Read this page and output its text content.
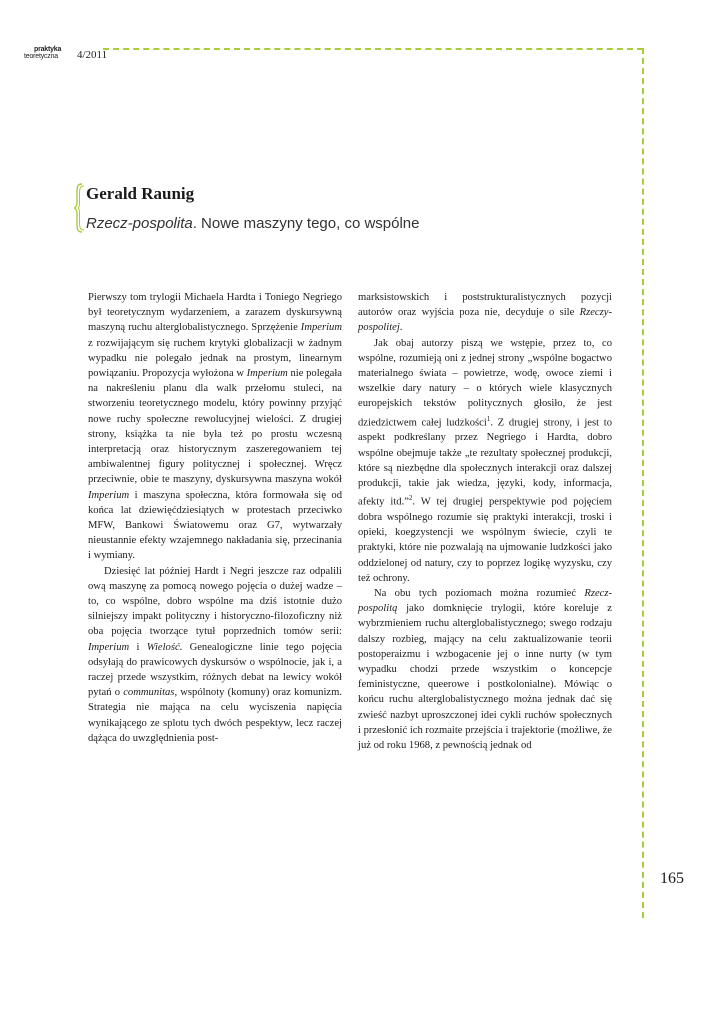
praktyka
teoretyczna 4/2011
Gerald Raunig
Rzecz-pospolita. Nowe maszyny tego, co wspólne

Pierwszy tom trylogii Michaela Hardta i Toniego Negriego był teoretycznym wydarzeniem, a zarazem dyskursywną maszyną ruchu alterglobalistycznego. Sprzężenie Imperium z rozwijającym się ruchem krytyki globalizacji w żadnym wypadku nie polegało jednak na prostym, linearnym powiązaniu. Propozycja wyłożona w Imperium nie polegała na nakreśleniu planu dla walk przełomu stuleci, na stworzeniu teoretycznego modelu, który powinny przyjąć nowe ruchy społeczne rewolucyjnej wielości. Z drugiej strony, książka ta nie była też po prostu wczesną interpretacją oraz historycznym zaszeregowaniem tej ambiwalentnej figury politycznej i społecznej. Wręcz przeciwnie, obie te maszyny, dyskursywna maszyna wokół Imperium i maszyna społeczna, która formowała się od końca lat dziewięćdziesiątych w protestach przeciwko MFW, Bankowi Światowemu oraz G7, wytwarzały nieustannie efekty wzajemnego nakładania się, przecinania i wymiany.

Dziesięć lat później Hardt i Negri jeszcze raz odpalili ową maszynę za pomocą nowego pojęcia o dużej wadze – to, co wspólne, dobro wspólne ma dziś istotnie dużo silniejszy impakt polityczny i historyczno-filozoficzny niż oba pojęcia tworzące tytuł poprzednich tomów serii: Imperium i Wielość. Genealogiczne linie tego pojęcia odsyłają do prawicowych dyskursów o wspólnocie, jak i, a raczej przede wszystkim, różnych debat na lewicy wokół pytań o communitas, wspólnoty (komuny) oraz komunizm. Strategia nie mająca na celu wyciszenia napięcia wynikającego ze splotu tych dwóch pespektyw, lecz raczej dążąca do uwzględnienia post-

marksistowskich i poststrukturalistycznych pozycji autorów oraz wyjścia poza nie, decyduje o sile Rzeczy-pospolitej.

Jak obaj autorzy piszą we wstępie, przez to, co wspólne, rozumieją oni z jednej strony „wspólne bogactwo materialnego świata – powietrze, wodę, owoce ziemi i wszelkie dary natury – o których wiele klasycznych europejskich tekstów politycznych głosiło, że jest dziedzictwem całej ludzkości$^1$. Z drugiej strony, i jest to aspekt podkreślany przez Negriego i Hardta, dobro wspólne obejmuje także „te rezultaty społecznej produkcji, które są niezbędne dla społecznych interakcji oraz dalszej produkcji, takie jak wiedza, języki, kody, informacja, afekty itd.”$^2$. W tej drugiej perspektywie pod pojęciem dobra wspólnego rozumie się praktyki interakcji, troski i opieki, koegzystencji we wspólnym świecie, czyli te praktyki, które nie pozwalają na ujmowanie ludzkości jako oddzielonej od natury, czy to poprzez logikę wyzysku, czy też ochrony.

Na obu tych poziomach można rozumieć Rzecz-pospolitą jako domknięcie trylogii, które koreluje z wybrzmieniem ruchu alterglobalistycznego; swego rodzaju dalszy rozbieg, mający na celu zaktualizowanie teorii postoperaizmu i wzbogacenie jej o inne nurty (w tym wypadku chodzi przede wszystkim o koncepcje feministyczne, queerowe i postkolonialne). Mówiąc o końcu ruchu alterglobalistycznego można jednak dać się zwieść nazbyt uproszczonej idei cykli ruchów społecznych i przesłonić ich rozmaite przejścia i trajektorie (możliwe, że już od roku 1968, z pewnością jednak od

165
